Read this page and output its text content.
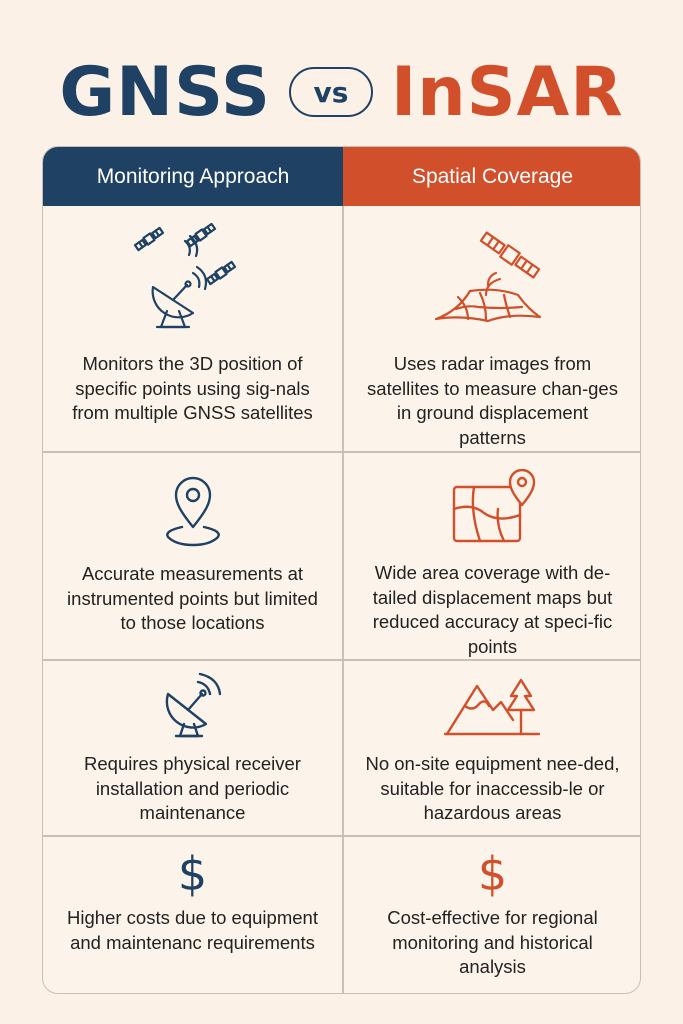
GNSS	vs InSAR
Monitoring Approach	Spatial Coverage
Monitors the 3D position of specific points using sig-nals from multiple GNSS satellites
Uses radar images from satellites to measure chan-ges in ground displacement patterns
Accurate measurements at instrumented points but limited to those locations
Wide area coverage with de-tailed displacement maps but reduced accuracy at speci-fic points
Requires physical receiver installation and periodic maintenance
No on-site equipment nee-ded, suitable for inaccessib-le or hazardous areas
$
Higher costs due to equipment and maintenanc requirements
$
Cost-effective for regional monitoring and historical analysis
